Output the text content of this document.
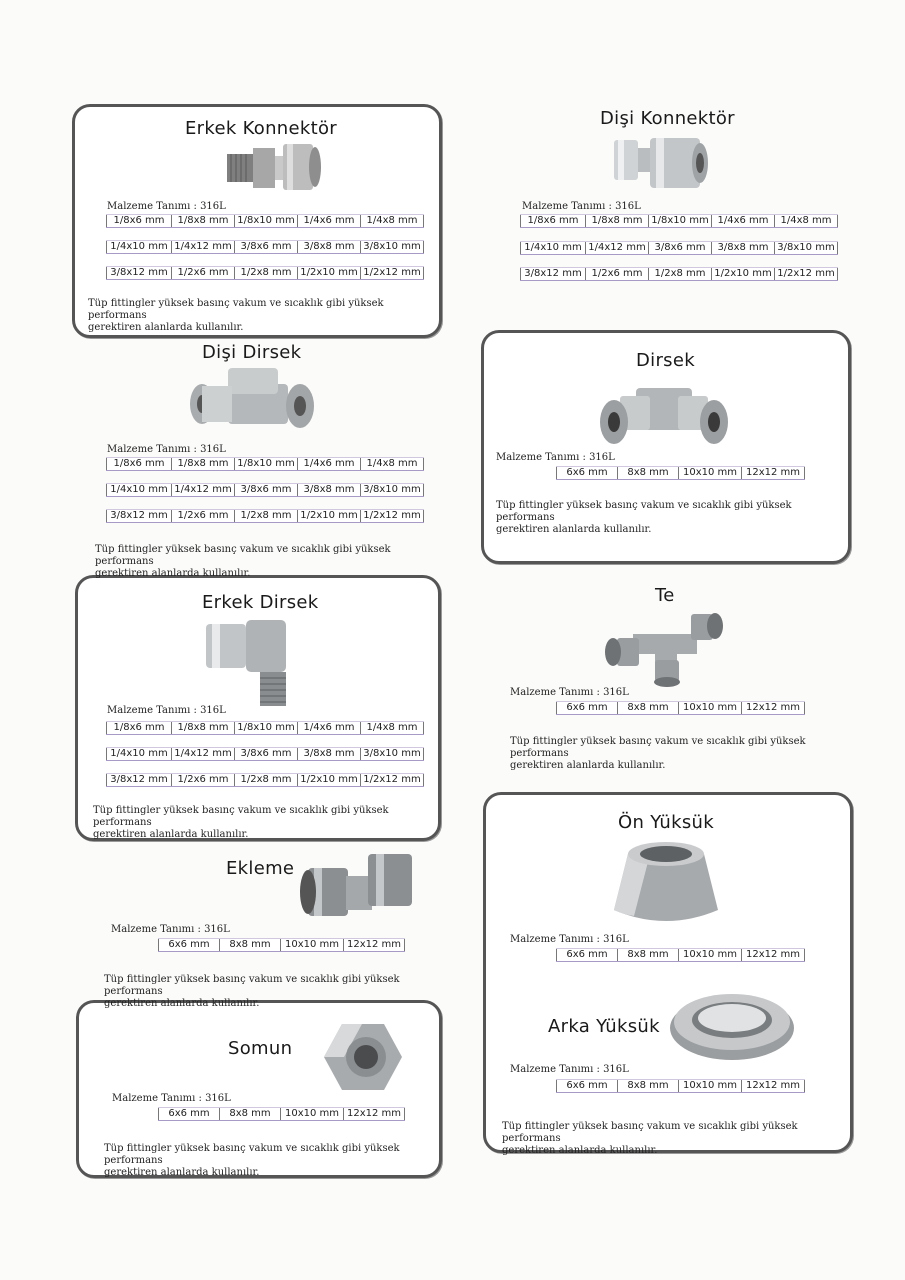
Erkek Konnektör
Malzeme Tanımı : 316L
1/8x6 mm	1/8x8 mm 1/8x10 mm 1/4x6 mm	1/4x8 mm
1/4x10 mm 1/4x12 mm 3/8x6 mm	3/8x8 mm 3/8x10 mm
3/8x12 mm 1/2x6 mm	1/2x8 mm 1/2x10 mm 1/2x12 mm
Tüp fittingler yüksek basınç vakum ve sıcaklık gibi yüksek performans
gerektiren alanlarda kullanılır.
Dişi Konnektör
Malzeme Tanımı : 316L
1/8x6 mm	1/8x8 mm 1/8x10 mm 1/4x6 mm	1/4x8 mm
1/4x10 mm 1/4x12 mm 3/8x6 mm	3/8x8 mm 3/8x10 mm
3/8x12 mm 1/2x6 mm	1/2x8 mm 1/2x10 mm 1/2x12 mm
Dişi Dirsek
Malzeme Tanımı : 316L
1/8x6 mm	1/8x8 mm 1/8x10 mm 1/4x6 mm	1/4x8 mm
1/4x10 mm 1/4x12 mm 3/8x6 mm	3/8x8 mm 3/8x10 mm
3/8x12 mm 1/2x6 mm	1/2x8 mm 1/2x10 mm 1/2x12 mm
Tüp fittingler yüksek basınç vakum ve sıcaklık gibi yüksek performans
gerektiren alanlarda kullanılır.
Dirsek
Malzeme Tanımı : 316L
6x6 mm	8x8 mm	10x10 mm 12x12 mm
Tüp fittingler yüksek basınç vakum ve sıcaklık gibi yüksek performans
gerektiren alanlarda kullanılır.
Erkek Dirsek
Malzeme Tanımı : 316L
1/8x6 mm	1/8x8 mm 1/8x10 mm 1/4x6 mm	1/4x8 mm
1/4x10 mm 1/4x12 mm 3/8x6 mm	3/8x8 mm 3/8x10 mm
3/8x12 mm 1/2x6 mm	1/2x8 mm 1/2x10 mm 1/2x12 mm
Tüp fittingler yüksek basınç vakum ve sıcaklık gibi yüksek performans
gerektiren alanlarda kullanılır.
Te
Malzeme Tanımı : 316L
6x6 mm	8x8 mm	10x10 mm 12x12 mm
Tüp fittingler yüksek basınç vakum ve sıcaklık gibi yüksek performans
gerektiren alanlarda kullanılır.
Ekleme
Malzeme Tanımı : 316L
6x6 mm	8x8 mm	10x10 mm 12x12 mm
Tüp fittingler yüksek basınç vakum ve sıcaklık gibi yüksek performans
gerektiren alanlarda kullanılır.
Ön Yüksük
Malzeme Tanımı : 316L
6x6 mm	8x8 mm	10x10 mm 12x12 mm
Arka Yüksük
Malzeme Tanımı : 316L
6x6 mm	8x8 mm	10x10 mm 12x12 mm
Tüp fittingler yüksek basınç vakum ve sıcaklık gibi yüksek performans
gerektiren alanlarda kullanılır.
Somun
Malzeme Tanımı : 316L
6x6 mm	8x8 mm	10x10 mm 12x12 mm
Tüp fittingler yüksek basınç vakum ve sıcaklık gibi yüksek performans
gerektiren alanlarda kullanılır.
